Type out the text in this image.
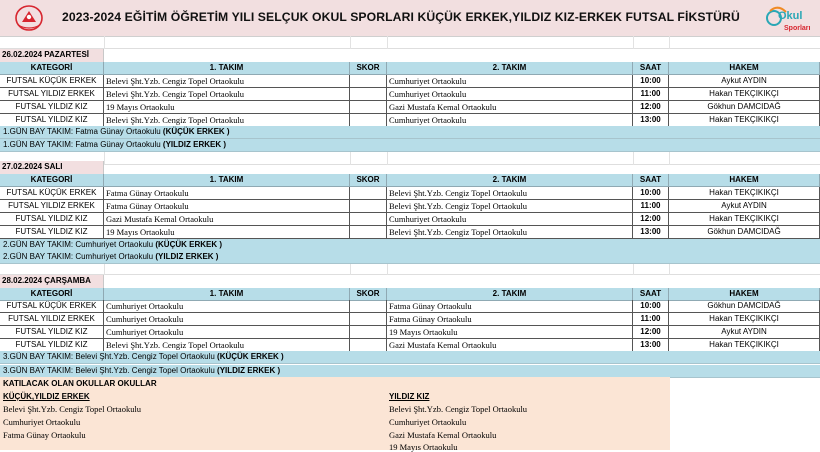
2023-2024 EĞİTİM ÖĞRETİM YILI SELÇUK OKUL SPORLARI KÜÇÜK ERKEK,YILDIZ KIZ-ERKEK FUTSAL FİKSTÜRÜ	Okul
Sporları
26.02.2024 PAZARTESİ
KATEGORİ	1. TAKIM	SKOR	2. TAKIM	SAAT	HAKEM
FUTSAL KÜÇÜK ERKEK	Belevi Şht.Yzb. Cengiz Topel Ortaokulu	Cumhuriyet Ortaokulu	10:00	Aykut AYDIN
FUTSAL YILDIZ ERKEK	Belevi Şht.Yzb. Cengiz Topel Ortaokulu	Cumhuriyet Ortaokulu	11:00	Hakan TEKÇIKIKÇI
FUTSAL YILDIZ KIZ	19 Mayıs Ortaokulu	Gazi Mustafa Kemal Ortaokulu	12:00	Gökhun DAMCIDAĞ
FUTSAL YILDIZ KIZ	Belevi Şht.Yzb. Cengiz Topel Ortaokulu	Cumhuriyet Ortaokulu	13:00	Hakan TEKÇIKIKÇI
1.GÜN BAY TAKIM: Fatma Günay Ortaokulu (KÜÇÜK ERKEK )
1.GÜN BAY TAKIM: Fatma Günay Ortaokulu (YILDIZ ERKEK )
27.02.2024 SALI
KATEGORİ	1. TAKIM	SKOR	2. TAKIM	SAAT	HAKEM
FUTSAL KÜÇÜK ERKEK	Fatma Günay Ortaokulu	Belevi Şht.Yzb. Cengiz Topel Ortaokulu	10:00	Hakan TEKÇIKIKÇI
FUTSAL YILDIZ ERKEK	Fatma Günay Ortaokulu	Belevi Şht.Yzb. Cengiz Topel Ortaokulu	11:00	Aykut AYDIN
FUTSAL YILDIZ KIZ	Gazi Mustafa Kemal Ortaokulu	Cumhuriyet Ortaokulu	12:00	Hakan TEKÇIKIKÇI
FUTSAL YILDIZ KIZ	19 Mayıs Ortaokulu	Belevi Şht.Yzb. Cengiz Topel Ortaokulu	13:00	Gökhun DAMCIDAĞ
2.GÜN BAY TAKIM: Cumhuriyet Ortaokulu (KÜÇÜK ERKEK )
2.GÜN BAY TAKIM: Cumhuriyet Ortaokulu (YILDIZ ERKEK )
28.02.2024 ÇARŞAMBA
KATEGORİ	1. TAKIM	SKOR	2. TAKIM	SAAT	HAKEM
FUTSAL KÜÇÜK ERKEK	Cumhuriyet Ortaokulu	Fatma Günay Ortaokulu	10:00	Gökhun DAMCIDAĞ
FUTSAL YILDIZ ERKEK	Cumhuriyet Ortaokulu	Fatma Günay Ortaokulu	11:00	Hakan TEKÇIKIKÇI
FUTSAL YILDIZ KIZ	Cumhuriyet Ortaokulu	19 Mayıs Ortaokulu	12:00	Aykut AYDIN
FUTSAL YILDIZ KIZ	Belevi Şht.Yzb. Cengiz Topel Ortaokulu	Gazi Mustafa Kemal Ortaokulu	13:00	Hakan TEKÇIKIKÇI
3.GÜN BAY TAKIM: Belevi Şht.Yzb. Cengiz Topel Ortaokulu (KÜÇÜK ERKEK )
3.GÜN BAY TAKIM: Belevi Şht.Yzb. Cengiz Topel Ortaokulu (YILDIZ ERKEK )
KATILACAK OLAN OKULLAR OKULLAR
KÜÇÜK,YILDIZ ERKEK
Belevi Şht.Yzb. Cengiz Topel Ortaokulu
Cumhuriyet Ortaokulu
Fatma Günay Ortaokulu
YILDIZ KIZ
Belevi Şht.Yzb. Cengiz Topel Ortaokulu
Cumhuriyet Ortaokulu
Gazi Mustafa Kemal Ortaokulu
19 Mayıs Ortaokulu
